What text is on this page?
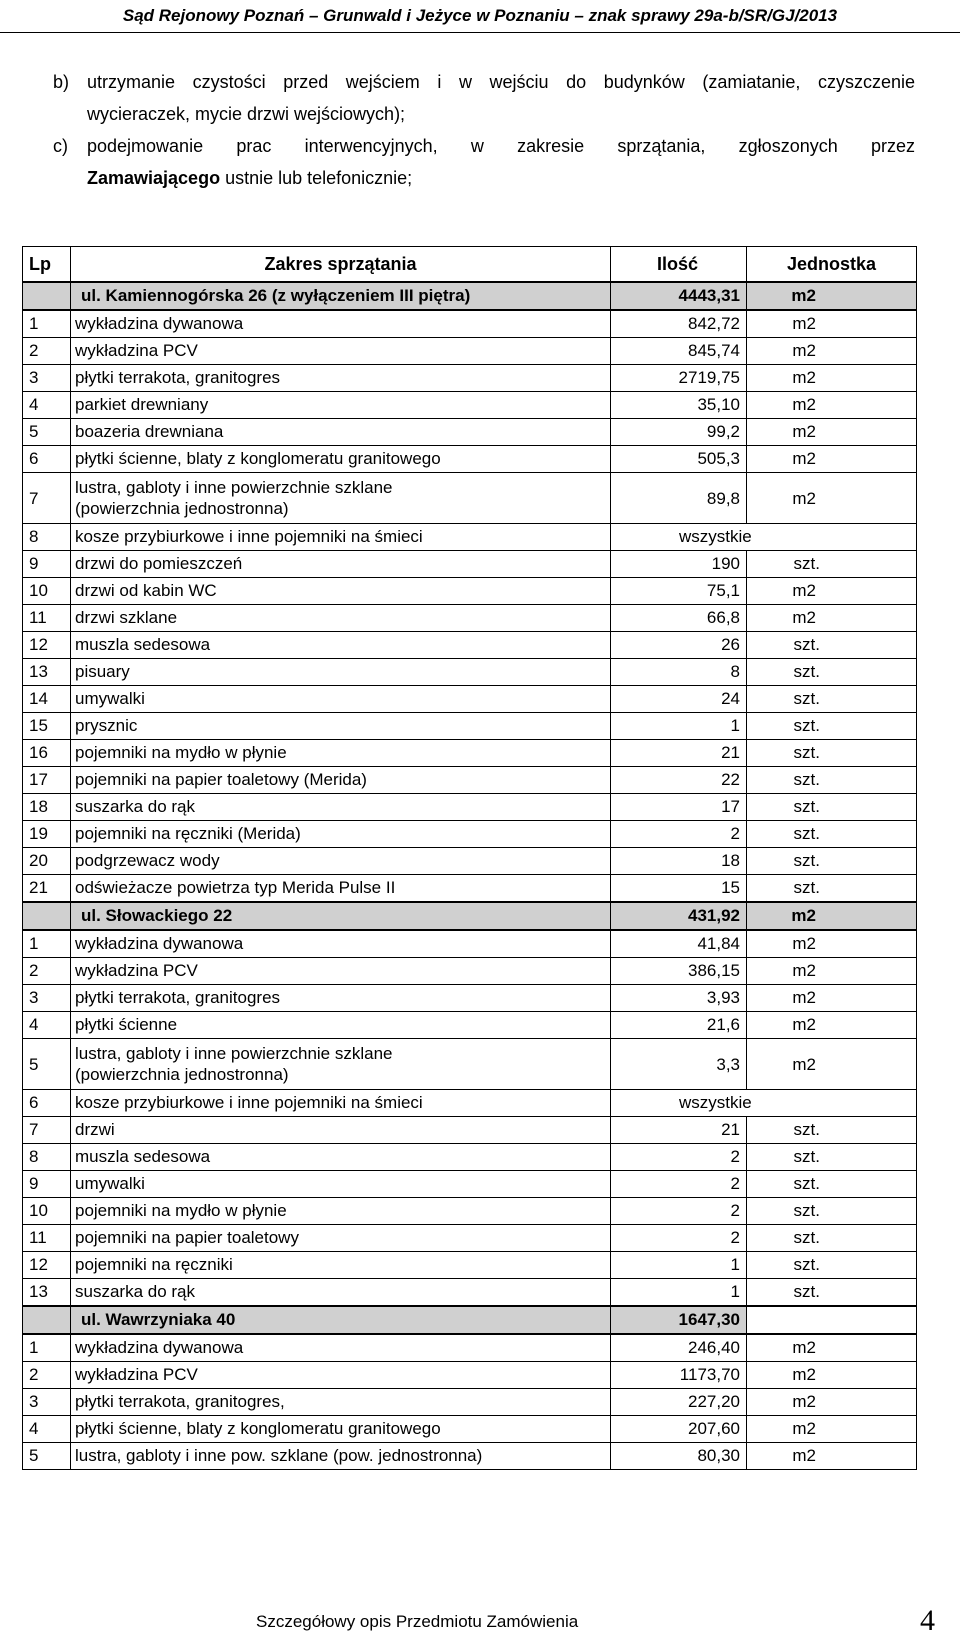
Sąd Rejonowy Poznań – Grunwald i Jeżyce w Poznaniu – znak sprawy 29a-b/SR/GJ/2013
b) utrzymanie czystości przed wejściem i w wejściu do budynków (zamiatanie, czyszczenie
wycieraczek, mycie drzwi wejściowych);
c)	podejmowanie prac interwencyjnych, w zakresie sprzątania, zgłoszonych przez
Zamawiającego ustnie lub telefonicznie;
Lp	Zakres sprzątania	Ilość	Jednostka
	ul. Kamiennogórska 26 (z wyłączeniem III piętra)	4443,31	m2
1	wykładzina dywanowa	842,72	m2
2	wykładzina PCV	845,74	m2
3	płytki terrakota, granitogres	2719,75	m2
4	parkiet drewniany	35,10	m2
5	boazeria drewniana	99,2	m2
6	płytki ścienne, blaty z konglomeratu granitowego	505,3	m2
7	lustra, gabloty i inne powierzchnie szklane
(powierzchnia jednostronna)	89,8	m2
8	kosze przybiurkowe i inne pojemniki na śmieci	wszystkie	
9	drzwi do pomieszczeń	190	szt.
10	drzwi od kabin WC	75,1	m2
11	drzwi szklane	66,8	m2
12	muszla sedesowa	26	szt.
13	pisuary	8	szt.
14	umywalki	24	szt.
15	prysznic	1	szt.
16	pojemniki na mydło w płynie	21	szt.
17	pojemniki na papier toaletowy (Merida)	22	szt.
18	suszarka do rąk	17	szt.
19	pojemniki na ręczniki (Merida)	2	szt.
20	podgrzewacz wody	18	szt.
21	odświeżacze powietrza typ Merida Pulse II	15	szt.
	ul. Słowackiego 22	431,92	m2
1	wykładzina dywanowa	41,84	m2
2	wykładzina PCV	386,15	m2
3	płytki terrakota, granitogres	3,93	m2
4	płytki ścienne	21,6	m2
5	lustra, gabloty i inne powierzchnie szklane
(powierzchnia jednostronna)	3,3	m2
6	kosze przybiurkowe i inne pojemniki na śmieci	wszystkie	
7	drzwi	21	szt.
8	muszla sedesowa	2	szt.
9	umywalki	2	szt.
10	pojemniki na mydło w płynie	2	szt.
11	pojemniki na papier toaletowy	2	szt.
12	pojemniki na ręczniki	1	szt.
13	suszarka do rąk	1	szt.
	ul. Wawrzyniaka 40	1647,30	
1	wykładzina dywanowa	246,40	m2
2	wykładzina PCV	1173,70	m2
3	płytki terrakota, granitogres,	227,20	m2
4	płytki ścienne, blaty z konglomeratu granitowego	207,60	m2
5	lustra, gabloty i inne pow. szklane (pow. jednostronna)	80,30	m2
Szczegółowy opis Przedmiotu Zamówienia	4
